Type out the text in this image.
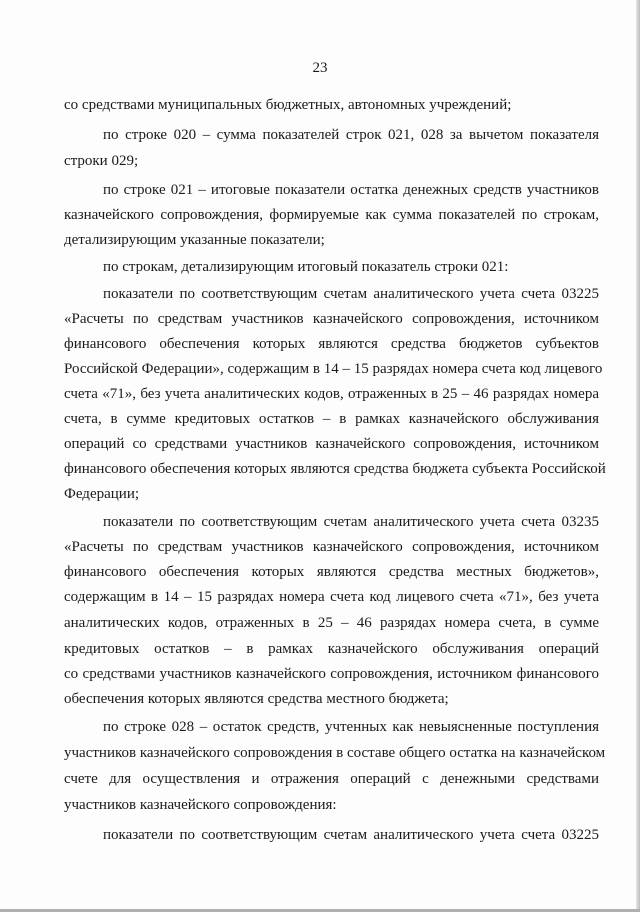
23
со средствами муниципальных бюджетных, автономных учреждений;
по строке 020 – сумма показателей строк 021, 028 за вычетом показателя
строки 029;
по строке 021 – итоговые показатели остатка денежных средств участников
казначейского сопровождения, формируемые как сумма показателей по строкам,
детализирующим указанные показатели;
по строкам, детализирующим итоговый показатель строки 021:
показатели по соответствующим счетам аналитического учета счета 03225
«Расчеты по средствам участников казначейского сопровождения, источником
финансового обеспечения которых являются средства бюджетов субъектов
Российской Федерации», содержащим в 14 – 15 разрядах номера счета код лицевого
счета «71», без учета аналитических кодов, отраженных в 25 – 46 разрядах номера
счета, в сумме кредитовых остатков – в рамках казначейского обслуживания
операций со средствами участников казначейского сопровождения, источником
финансового обеспечения которых являются средства бюджета субъекта Российской
Федерации;
показатели по соответствующим счетам аналитического учета счета 03235
«Расчеты по средствам участников казначейского сопровождения, источником
финансового обеспечения которых являются средства местных бюджетов»,
содержащим в 14 – 15 разрядах номера счета код лицевого счета «71», без учета
аналитических кодов, отраженных в 25 – 46 разрядах номера счета, в сумме
кредитовых остатков – в рамках казначейского обслуживания операций
со средствами участников казначейского сопровождения, источником финансового
обеспечения которых являются средства местного бюджета;
по строке 028 – остаток средств, учтенных как невыясненные поступления
участников казначейского сопровождения в составе общего остатка на казначейском
счете для осуществления и отражения операций с денежными средствами
участников казначейского сопровождения:
показатели по соответствующим счетам аналитического учета счета 03225
